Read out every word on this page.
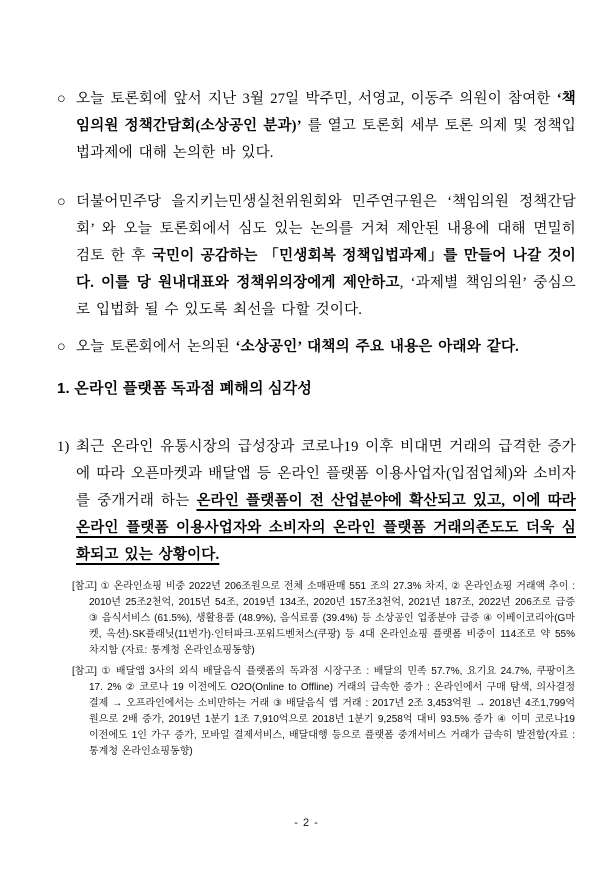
○ 오늘 토론회에 앞서 지난 3월 27일 박주민, 서영교, 이동주 의원이 참여한 ‘책임의원 정책간담회(소상공인 분과)’ 를 열고 토론회 세부 토론 의제 및 정책입법과제에 대해 논의한 바 있다.
○ 더불어민주당 을지키는민생실천위원회와 민주연구원은 ‘책임의원 정책간담회’ 와 오늘 토론회에서 심도 있는 논의를 거쳐 제안된 내용에 대해 면밀히 검토 한 후 국민이 공감하는 「민생회복 정책입법과제」를 만들어 나갈 것이다. 이를 당 원내대표와 정책위의장에게 제안하고, ‘과제별 책임의원’ 중심으로 입법화 될 수 있도록 최선을 다할 것이다.
○ 오늘 토론회에서 논의된 ‘소상공인’ 대책의 주요 내용은 아래와 같다.
1. 온라인 플랫폼 독과점 폐해의 심각성
1) 최근 온라인 유통시장의 급성장과 코로나19 이후 비대면 거래의 급격한 증가에 따라 오픈마켓과 배달앱 등 온라인 플랫폼 이용사업자(입점업체)와 소비자를 중개거래 하는 온라인 플랫폼이 전 산업분야에 확산되고 있고, 이에 따라 온라인 플랫폼 이용사업자와 소비자의 온라인 플랫폼 거래의존도도 더욱 심화되고 있는 상황이다.
[참고] ① 온라인쇼핑 비중 2022년 206조원으로 전체 소매판매 551 조의 27.3% 차지, ② 온라인쇼핑 거래액 추이 : 2010년 25조2천억, 2015년 54조, 2019년 134조, 2020년 157조3천억, 2021년 187조, 2022년 206조로 급증 ③ 음식서비스 (61.5%), 생활용품 (48.9%), 음식료품 (39.4%) 등 소상공인 업종분야 급증 ④ 이베이코리아(G마켓, 옥션)·SK플래닛(11번가)·인터파크·포워드벤처스(쿠팡) 등 4대 온라인쇼핑 플랫폼 비중이 114조로 약 55% 차지함 (자료: 통계청 온라인쇼핑동향)
[참고] ① 배달앱 3사의 외식 배달음식 플랫폼의 독과점 시장구조 : 배달의 민족 57.7%, 요기요 24.7%, 쿠팡이츠 17. 2% ② 코로나 19 이전에도 O2O(Online to Offline) 거래의 급속한 증가 : 온라인에서 구매 탐색, 의사결정 결제 → 오프라인에서는 소비만하는 거래 ③ 배달음식 앱 거래 : 2017년 2조 3,453억원 → 2018년 4조1,799억원으로 2배 증가, 2019년 1분기 1조 7,910억으로 2018년 1분기 9,258억 대비 93.5% 증가 ④ 이미 코로나19 이전에도 1인 가구 증가, 모바일 결제서비스, 배달대행 등으로 플랫폼 중개서비스 거래가 급속히 발전함(자료 : 통계청 온라인쇼핑동향)
- 2 -
